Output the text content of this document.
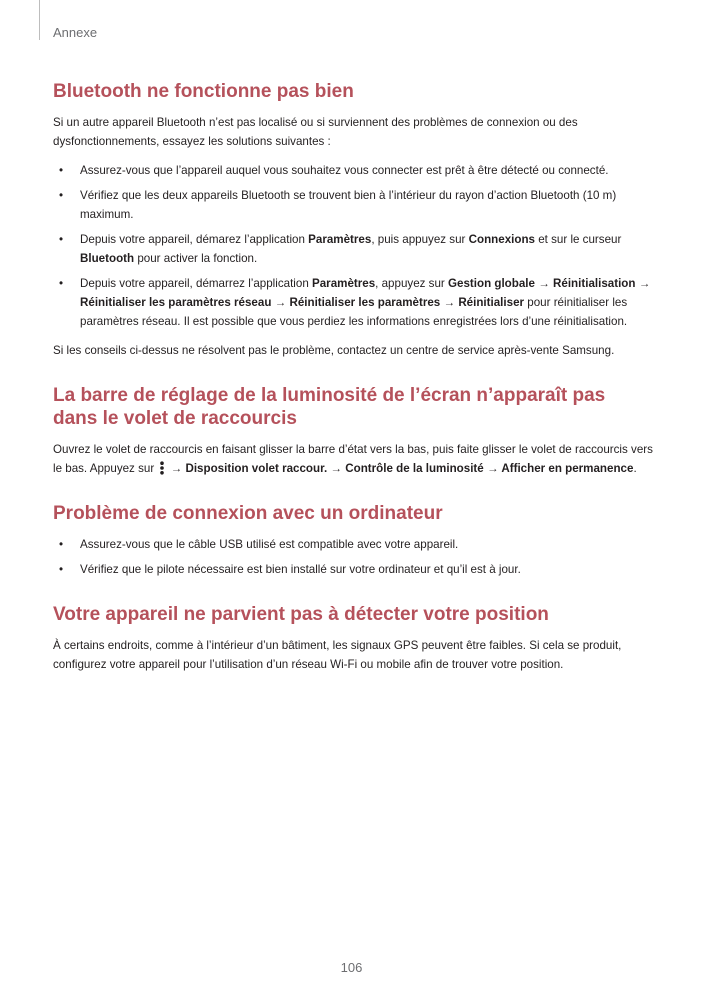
Annexe
Bluetooth ne fonctionne pas bien

Si un autre appareil Bluetooth n’est pas localisé ou si surviennent des problèmes de connexion ou des dysfonctionnements, essayez les solutions suivantes :

• Assurez-vous que l’appareil auquel vous souhaitez vous connecter est prêt à être détecté ou connecté.
• Vérifiez que les deux appareils Bluetooth se trouvent bien à l’intérieur du rayon d’action Bluetooth (10 m) maximum.
• Depuis votre appareil, démarez l’application Paramètres, puis appuyez sur Connexions et sur le curseur Bluetooth pour activer la fonction.
• Depuis votre appareil, démarrez l’application Paramètres, appuyez sur Gestion globale → Réinitialisation → Réinitialiser les paramètres réseau → Réinitialiser les paramètres → Réinitialiser pour réinitialiser les paramètres réseau. Il est possible que vous perdiez les informations enregistrées lors d’une réinitialisation.

Si les conseils ci-dessus ne résolvent pas le problème, contactez un centre de service après-vente Samsung.

La barre de réglage de la luminosité de l’écran n’apparaît pas dans le volet de raccourcis

Ouvrez le volet de raccourcis en faisant glisser la barre d’état vers la bas, puis faite glisser le volet de raccourcis vers le bas. Appuyez sur
→ Disposition volet raccour. → Contrôle de la luminosité → Afficher en permanence.

Problème de connexion avec un ordinateur
• Assurez-vous que le câble USB utilisé est compatible avec votre appareil.
• Vérifiez que le pilote nécessaire est bien installé sur votre ordinateur et qu’il est à jour.
Votre appareil ne parvient pas à détecter votre position

À certains endroits, comme à l’intérieur d’un bâtiment, les signaux GPS peuvent être faibles. Si cela se produit, configurez votre appareil pour l’utilisation d’un réseau Wi-Fi ou mobile afin de trouver votre position.

106
